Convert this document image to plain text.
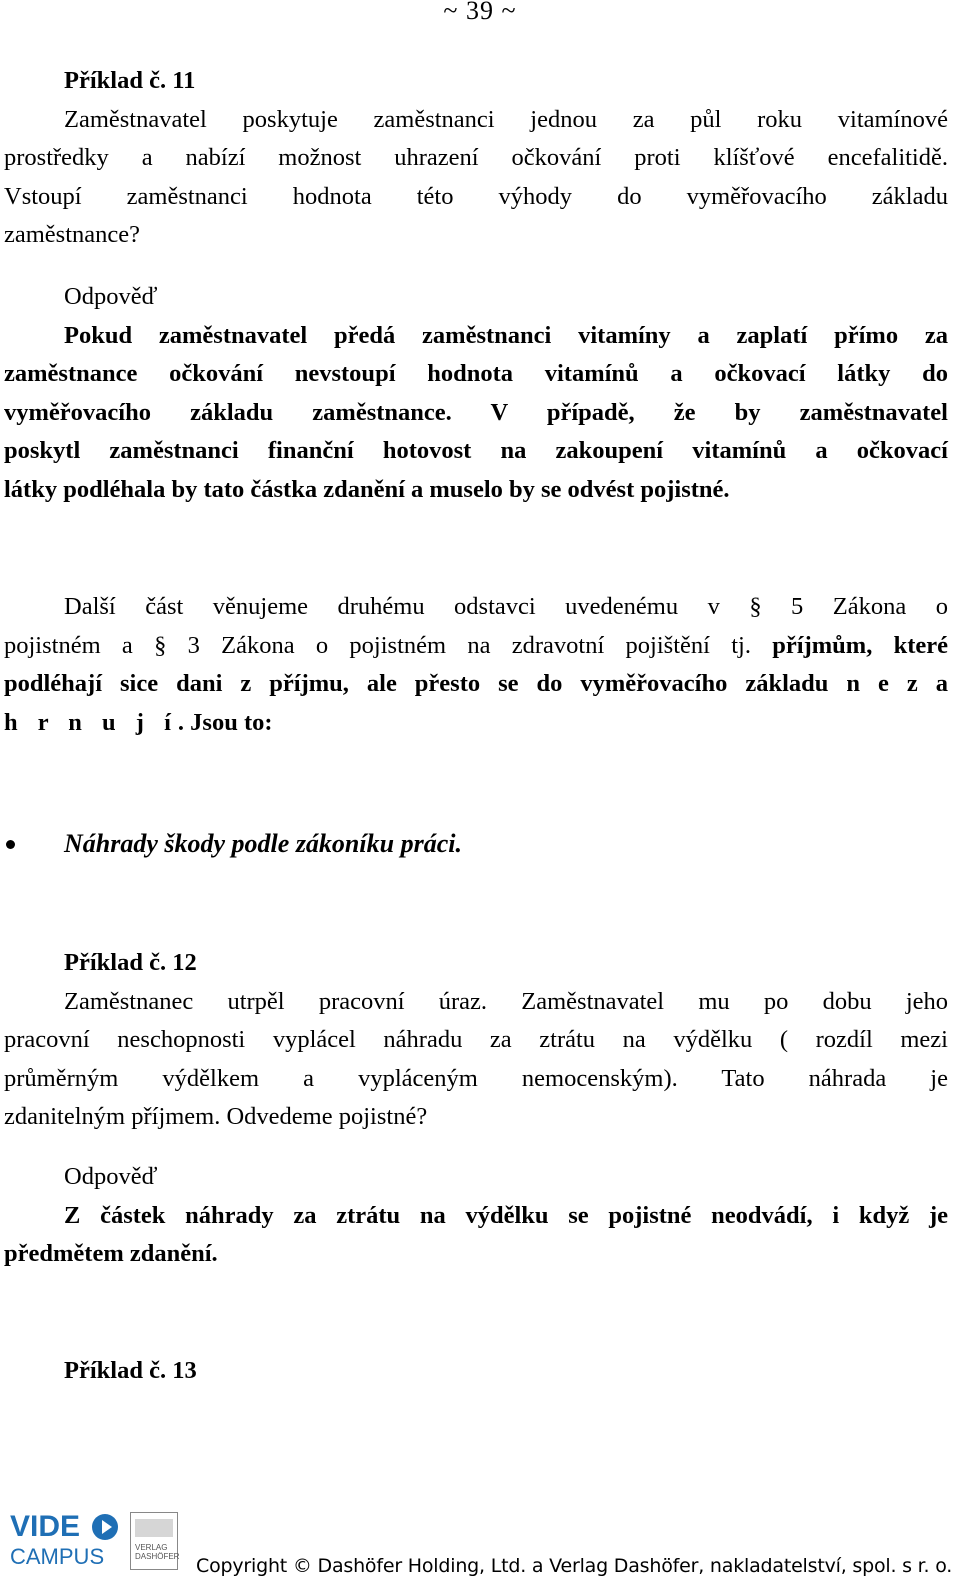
~ 39 ~
Příklad č. 11
Zaměstnavatel poskytuje zaměstnanci jednou za půl roku vitamínové
prostředky a nabízí možnost uhrazení očkování proti klíšťové encefalitidě.
Vstoupí zaměstnanci hodnota této výhody do vyměřovacího základu
zaměstnance?
Odpověď
Pokud zaměstnavatel předá zaměstnanci vitamíny a zaplatí přímo za
zaměstnance očkování nevstoupí hodnota vitamínů a očkovací látky do
vyměřovacího základu zaměstnance. V případě, že by zaměstnavatel
poskytl zaměstnanci finanční hotovost na zakoupení vitamínů a očkovací
látky podléhala by tato částka zdanění a muselo by se odvést pojistné.
Další část věnujeme druhému odstavci uvedenému v § 5 Zákona o
pojistném a § 3 Zákona o pojistném na zdravotní pojištění tj. příjmům, které
podléhají sice dani z příjmu, ale přesto se do vyměřovacího základu n e z a
h r n u j í. Jsou to:
Náhrady škody podle zákoníku práci.
Příklad č. 12
Zaměstnanec utrpěl pracovní úraz. Zaměstnavatel mu po dobu jeho
pracovní neschopnosti vyplácel náhradu za ztrátu na výdělku ( rozdíl mezi
průměrným výdělkem a vypláceným nemocenským). Tato náhrada je
zdanitelným příjmem. Odvedeme pojistné?
Odpověď
Z částek náhrady za ztrátu na výdělku se pojistné neodvádí, i když je
předmětem zdanění.
Příklad č. 13
VIDE
CAMPUS	VERLAG
DASHÖFER Copyright © Dashöfer Holding, Ltd. a Verlag Dashöfer, nakladatelství, spol. s r. o.
